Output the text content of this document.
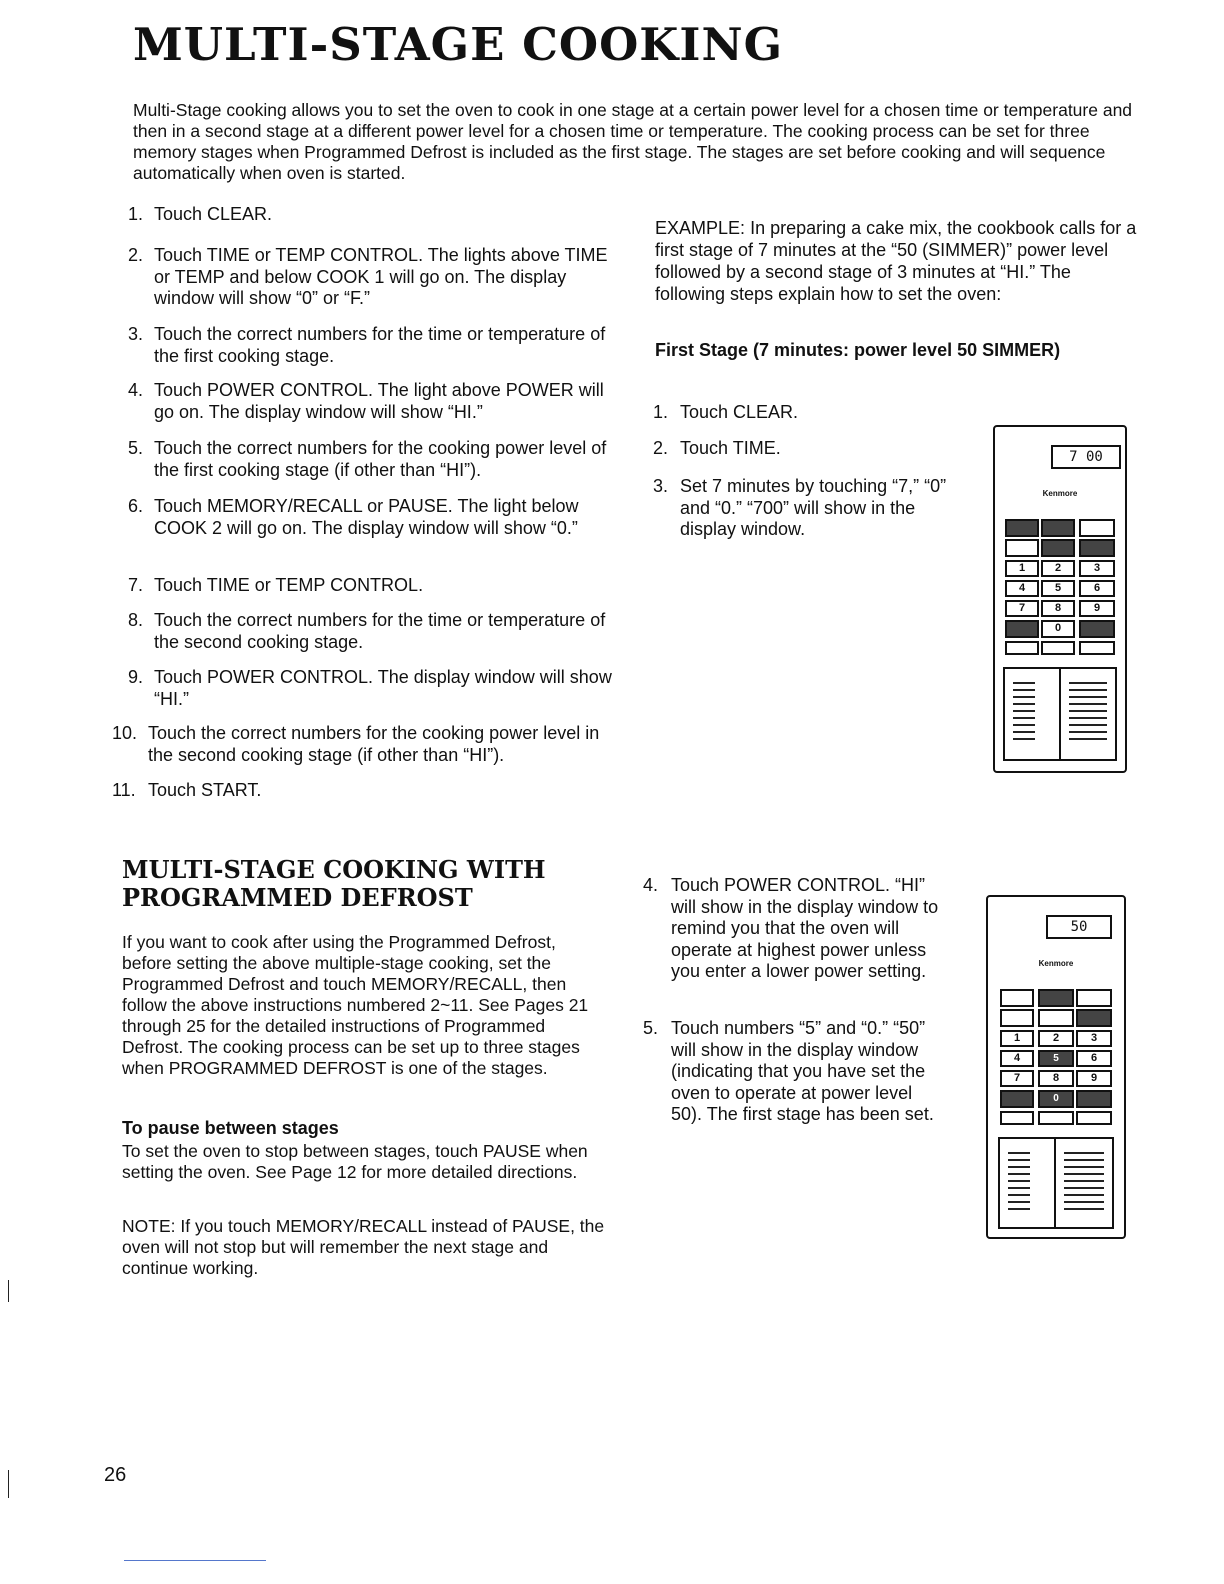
MULTI-STAGE COOKING

Multi-Stage cooking allows you to set the oven to cook in one stage at a certain power level for a chosen time or temperature and then in a second stage at a different power level for a chosen time or temperature. The cooking process can be set for three memory stages when Programmed Defrost is included as the first stage. The stages are set before cooking and will sequence automatically when oven is started.

1. Touch CLEAR.
2. Touch TIME or TEMP CONTROL. The lights above TIME or TEMP and below COOK 1 will go on. The display window will show “0” or “F.”
3. Touch the correct numbers for the time or temperature of the first cooking stage.
4. Touch POWER CONTROL. The light above POWER will go on. The display window will show “HI.”
5. Touch the correct numbers for the cooking power level of the first cooking stage (if other than “HI”).
6. Touch MEMORY/RECALL or PAUSE. The light below COOK 2 will go on. The display window will show “0.”
7. Touch TIME or TEMP CONTROL.
8. Touch the correct numbers for the time or temperature of the second cooking stage.
9. Touch POWER CONTROL. The display window will show “HI.”
10. Touch the correct numbers for the cooking power level in the second cooking stage (if other than “HI”).
11. Touch START.

EXAMPLE: In preparing a cake mix, the cookbook calls for a first stage of 7 minutes at the “50 (SIMMER)” power level followed by a second stage of 3 minutes at “HI.” The following steps explain how to set the oven:

First Stage (7 minutes: power level 50 SIMMER)

1. Touch CLEAR.
2. Touch TIME.
3. Set 7 minutes by touching “7,” “0” and “0.” “700” will show in the display window.
7 00
Kenmore
1	2	3
4	5	6
7	8	9
0
MULTI-STAGE COOKING WITH PROGRAMMED DEFROST

If you want to cook after using the Programmed Defrost, before setting the above multiple-stage cooking, set the Programmed Defrost and touch MEMORY/RECALL, then follow the above instructions numbered 2~11. See Pages 21 through 25 for the detailed instructions of Programmed Defrost. The cooking process can be set up to three stages when PROGRAMMED DEFROST is one of the stages.

To pause between stages

To set the oven to stop between stages, touch PAUSE when setting the oven. See Page 12 for more detailed directions.

NOTE: If you touch MEMORY/RECALL instead of PAUSE, the oven will not stop but will remember the next stage and continue working.

4. Touch POWER CONTROL. “HI” will show in the display window to remind you that the oven will operate at highest power unless you enter a lower power setting.
5. Touch numbers “5” and “0.” “50” will show in the display window (indicating that you have set the oven to operate at power level 50). The first stage has been set.
50
Kenmore
1	2	3
4	5	6
7	8	9
0
26
